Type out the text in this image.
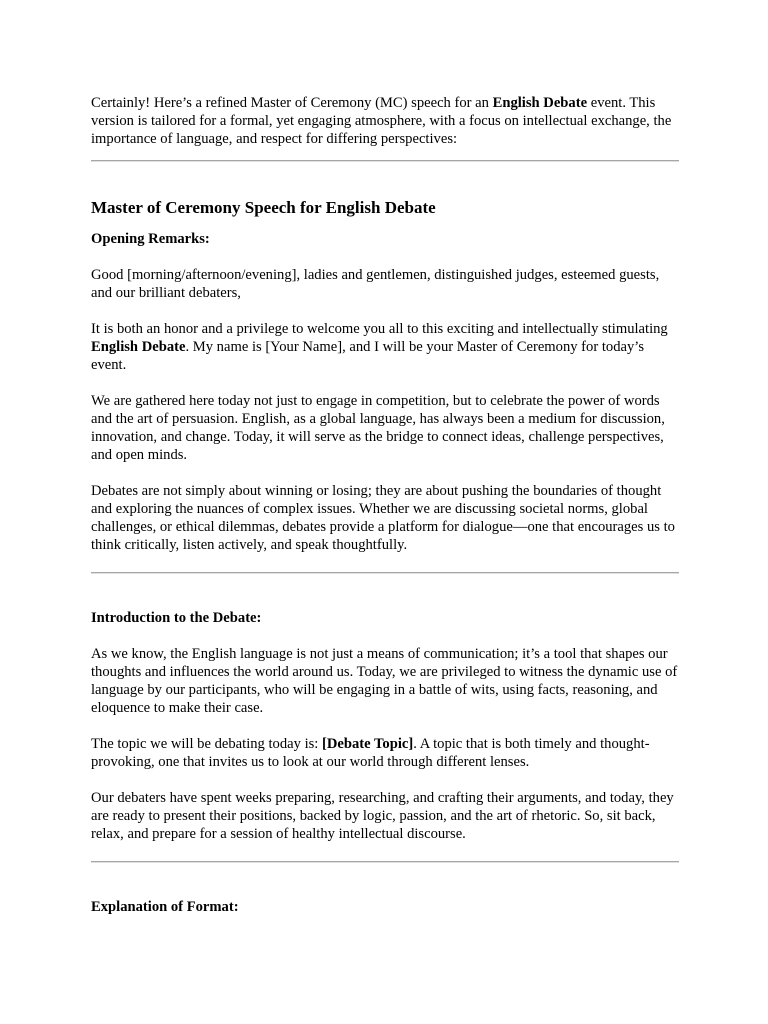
Certainly! Here’s a refined Master of Ceremony (MC) speech for an English Debate event. This version is tailored for a formal, yet engaging atmosphere, with a focus on intellectual exchange, the importance of language, and respect for differing perspectives:

Master of Ceremony Speech for English Debate
Opening Remarks:

Good [morning/afternoon/evening], ladies and gentlemen, distinguished judges, esteemed guests, and our brilliant debaters,

It is both an honor and a privilege to welcome you all to this exciting and intellectually stimulating English Debate. My name is [Your Name], and I will be your Master of Ceremony for today’s event.

We are gathered here today not just to engage in competition, but to celebrate the power of words and the art of persuasion. English, as a global language, has always been a medium for discussion, innovation, and change. Today, it will serve as the bridge to connect ideas, challenge perspectives, and open minds.

Debates are not simply about winning or losing; they are about pushing the boundaries of thought and exploring the nuances of complex issues. Whether we are discussing societal norms, global challenges, or ethical dilemmas, debates provide a platform for dialogue—one that encourages us to think critically, listen actively, and speak thoughtfully.

Introduction to the Debate:

As we know, the English language is not just a means of communication; it’s a tool that shapes our thoughts and influences the world around us. Today, we are privileged to witness the dynamic use of language by our participants, who will be engaging in a battle of wits, using facts, reasoning, and eloquence to make their case.

The topic we will be debating today is: [Debate Topic]. A topic that is both timely and thought-provoking, one that invites us to look at our world through different lenses.

Our debaters have spent weeks preparing, researching, and crafting their arguments, and today, they are ready to present their positions, backed by logic, passion, and the art of rhetoric. So, sit back, relax, and prepare for a session of healthy intellectual discourse.

Explanation of Format:
